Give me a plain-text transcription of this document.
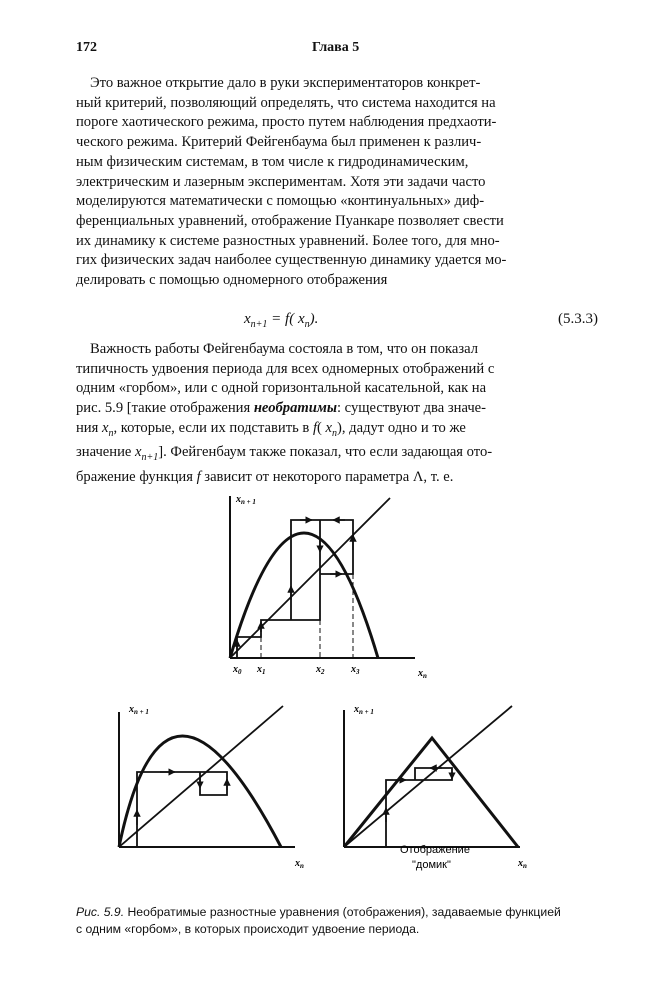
172	Глава 5
Это важное открытие дало в руки экспериментаторов конкрет-
ный критерий, позволяющий определять, что система находится на
пороге хаотического режима, просто путем наблюдения предхаоти-
ческого режима. Критерий Фейгенбаума был применен к различ-
ным физическим системам, в том числе к гидродинамическим,
электрическим и лазерным экспериментам. Хотя эти задачи часто
моделируются математически с помощью «континуальных» диф-
ференциальных уравнений, отображение Пуанкаре позволяет свести
их динамику к системе разностных уравнений. Более того, для мно-
гих физических задач наиболее существенную динамику удается мо-
делировать с помощью одномерного отображения
$x_{n+1} = f$( $x_n$).	(5.3.3)
Важность работы Фейгенбаума состояла в том, что он показал
типичность удвоения периода для всех одномерных отображений с
одним «горбом», или с одной горизонтальной касательной, как на
рис. 5.9 [такие отображения необратимы: существуют два значе-
ния $x_n$, которые, если их подставить в f( $x_n$), дадут одно и то же
значение $x_{n+1}$]. Фейгенбаум также показал, что если задающая ото-
бражение функция f зависит от некоторого параметра Λ, т. е.
$x_{n + 1}$
$x_n$
$x_0$ $x_1$	$x_2$	$x_3$
$x_{n + 1}$
$x_n$
$x_{n + 1}$
$x_n$
Отображение
"домик"
Рис. 5.9. Необратимые разностные уравнения (отображения), задаваемые функцией
с одним «горбом», в которых происходит удвоение периода.
